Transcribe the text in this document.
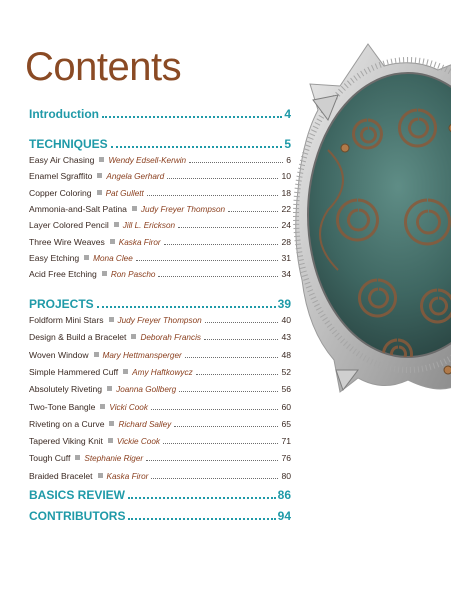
Contents
Introduction	4
TECHNIQUES	5
Easy Air Chasing Wendy Edsell-Kerwin	6
Enamel Sgraffito Angela Gerhard	10
Copper Coloring Pat Gullett	18
Ammonia-and-Salt Patina Judy Freyer Thompson	22
Layer Colored Pencil Jill L. Erickson	24
Three Wire Weaves Kaska Firor	28
Easy Etching Mona Clee	31
Acid Free Etching Ron Pascho	34
PROJECTS	39
Foldform Mini Stars Judy Freyer Thompson	40
Design & Build a Bracelet Deborah Francis	43
Woven Window Mary Hettmansperger	48
Simple Hammered Cuff Amy Haftkowycz	52
Absolutely Riveting Joanna Gollberg	56
Two-Tone Bangle Vicki Cook	60
Riveting on a Curve Richard Salley	65
Tapered Viking Knit Vickie Cook	71
Tough Cuff Stephanie Riger	76
Braided Bracelet Kaska Firor	80
BASICS REVIEW	86
CONTRIBUTORS	94
